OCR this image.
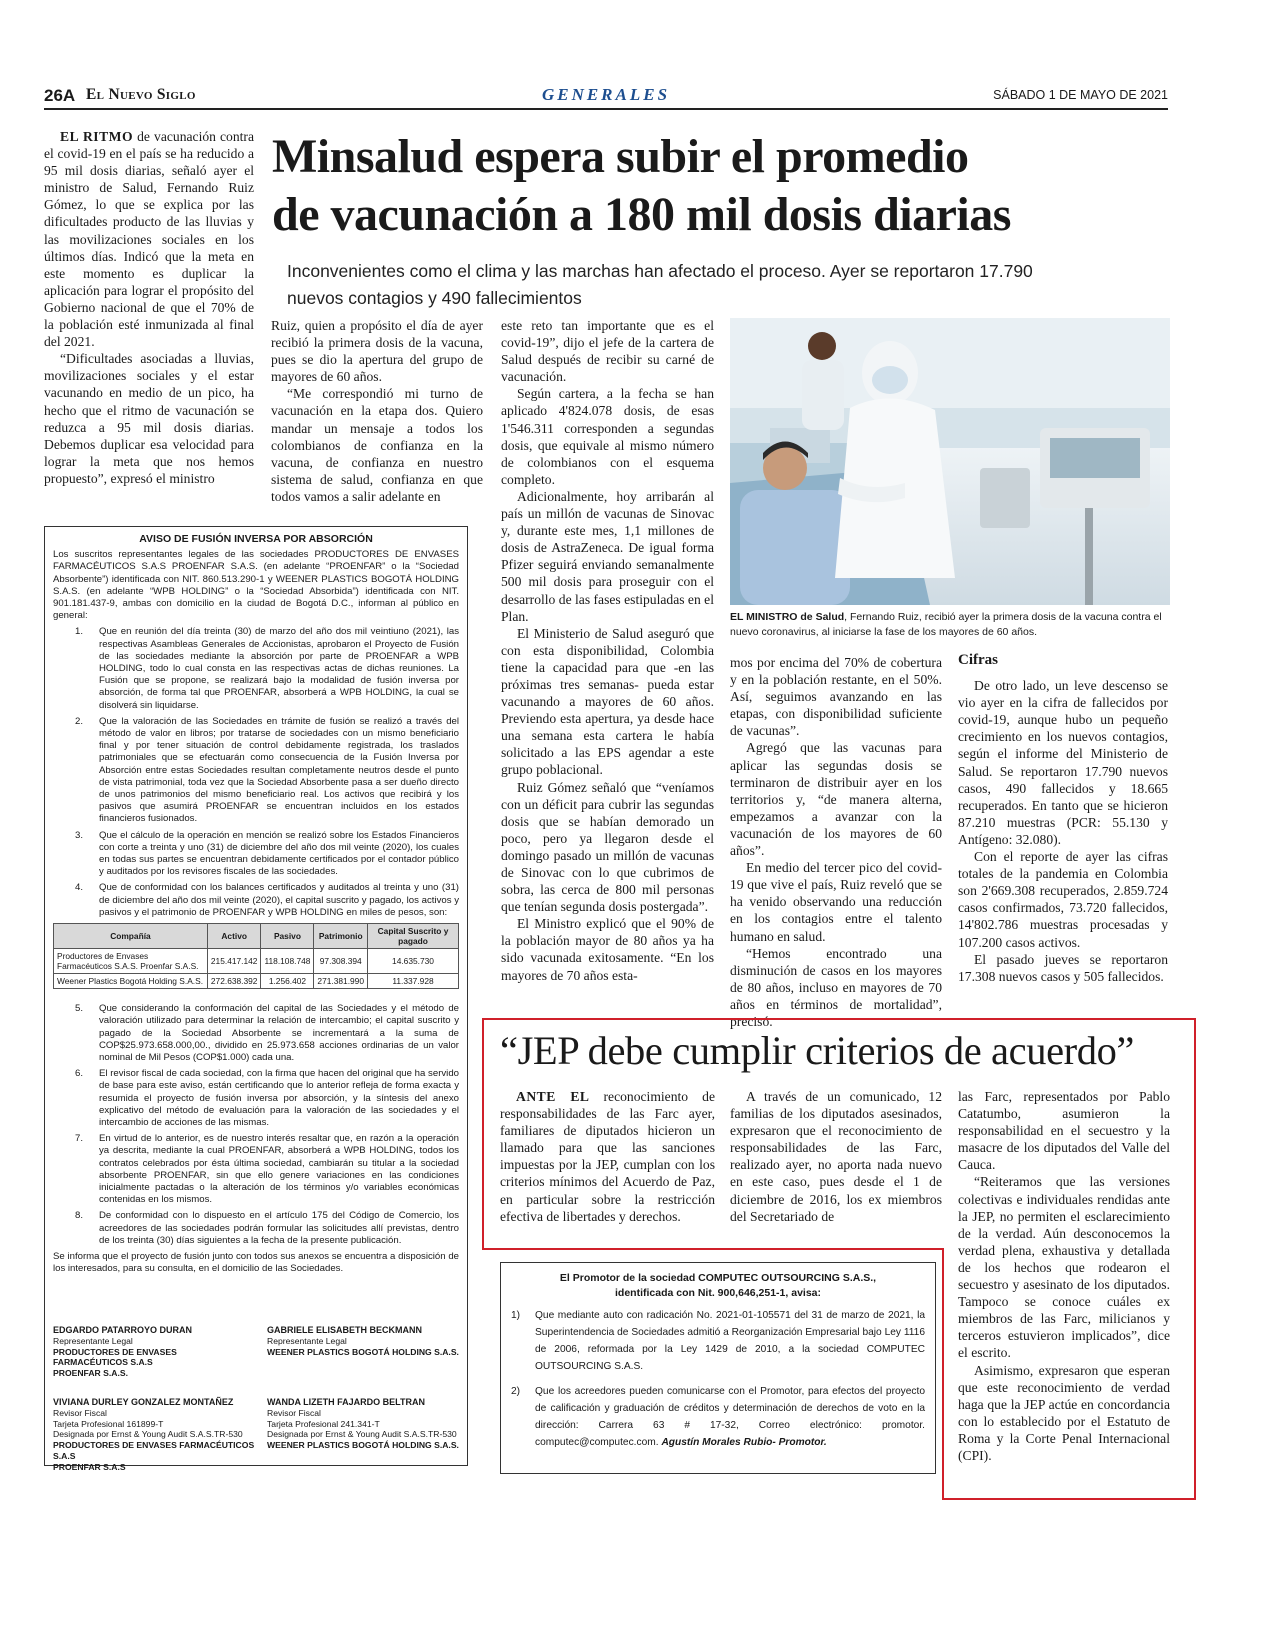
26A El Nuevo Siglo	GENERALES	SÁBADO 1 DE MAYO DE 2021
Minsalud espera subir el promedio
de vacunación a 180 mil dosis diarias
Inconvenientes como el clima y las marchas han afectado el proceso. Ayer se reportaron 17.790
nuevos contagios y 490 fallecimientos

EL RITMO de vacunación contra el covid-19 en el país se ha reducido a 95 mil dosis diarias, señaló ayer el ministro de Salud, Fernando Ruiz Gómez, lo que se explica por las dificultades producto de las lluvias y las movilizaciones sociales en los últimos días. Indicó que la meta en este momento es duplicar la aplicación para lograr el propósito del Gobierno nacional de que el 70% de la población esté inmunizada al final del 2021.

“Dificultades asociadas a lluvias, movilizaciones sociales y el estar vacunando en medio de un pico, ha hecho que el ritmo de vacunación se reduzca a 95 mil dosis diarias. Debemos duplicar esa velocidad para lograr la meta que nos hemos propuesto”, expresó el ministro

Ruiz, quien a propósito el día de ayer recibió la primera dosis de la vacuna, pues se dio la apertura del grupo de mayores de 60 años.

“Me correspondió mi turno de vacunación en la etapa dos. Quiero mandar un mensaje a todos los colombianos de confianza en la vacuna, de confianza en nuestro sistema de salud, confianza en que todos vamos a salir adelante en

este reto tan importante que es el covid-19”, dijo el jefe de la cartera de Salud después de recibir su carné de vacunación.

Según cartera, a la fecha se han aplicado 4'824.078 dosis, de esas 1'546.311 corresponden a segundas dosis, que equivale al mismo número de colombianos con el esquema completo.

Adicionalmente, hoy arribarán al país un millón de vacunas de Sinovac y, durante este mes, 1,1 millones de dosis de AstraZeneca. De igual forma Pfizer seguirá enviando semanalmente 500 mil dosis para proseguir con el desarrollo de las fases estipuladas en el Plan.

El Ministerio de Salud aseguró que con esta disponibilidad, Colombia tiene la capacidad para que -en las próximas tres semanas- pueda estar vacunando a mayores de 60 años. Previendo esta apertura, ya desde hace una semana esta cartera le había solicitado a las EPS agendar a este grupo poblacional.

Ruiz Gómez señaló que “veníamos con un déficit para cubrir las segundas dosis que se habían demorado un poco, pero ya llegaron desde el domingo pasado un millón de vacunas de Sinovac con lo que cubrimos de sobra, las cerca de 800 mil personas que tenían segunda dosis postergada”.

El Ministro explicó que el 90% de la población mayor de 80 años ya ha sido vacunada exitosamente. “En los mayores de 70 años esta-

EL MINISTRO de Salud, Fernando Ruiz, recibió ayer la primera dosis de la vacuna contra el nuevo coronavirus, al iniciarse la fase de los mayores de 60 años.

mos por encima del 70% de cobertura y en la población restante, en el 50%. Así, seguimos avanzando en las etapas, con disponibilidad suficiente de vacunas”.

Agregó que las vacunas para aplicar las segundas dosis se terminaron de distribuir ayer en los territorios y, “de manera alterna, empezamos a avanzar con la vacunación de los mayores de 60 años”.

En medio del tercer pico del covid-19 que vive el país, Ruiz reveló que se ha venido observando una reducción en los contagios entre el talento humano en salud.

“Hemos encontrado una disminución de casos en los mayores de 80 años, incluso en mayores de 70 años en términos de mortalidad”, precisó.

Cifras

De otro lado, un leve descenso se vio ayer en la cifra de fallecidos por covid-19, aunque hubo un pequeño crecimiento en los nuevos contagios, según el informe del Ministerio de Salud. Se reportaron 17.790 nuevos casos, 490 fallecidos y 18.665 recuperados. En tanto que se hicieron 87.210 muestras (PCR: 55.130 y Antígeno: 32.080).

Con el reporte de ayer las cifras totales de la pandemia en Colombia son 2'669.308 recuperados, 2.859.724 casos confirmados, 73.720 fallecidos, 14'802.786 muestras procesadas y 107.200 casos activos.

El pasado jueves se reportaron 17.308 nuevos casos y 505 fallecidos.

AVISO DE FUSIÓN INVERSA POR ABSORCIÓN

Los suscritos representantes legales de las sociedades PRODUCTORES DE ENVASES FARMACÉUTICOS S.A.S PROENFAR S.A.S. (en adelante “PROENFAR” o la “Sociedad Absorbente”) identificada con NIT. 860.513.290-1 y WEENER PLASTICS BOGOTÁ HOLDING S.A.S. (en adelante “WPB HOLDING” o la “Sociedad Absorbida”) identificada con NIT. 901.181.437-9, ambas con domicilio en la ciudad de Bogotá D.C., informan al público en general:

1. Que en reunión del día treinta (30) de marzo del año dos mil veintiuno (2021), las respectivas Asambleas Generales de Accionistas, aprobaron el Proyecto de Fusión de las sociedades mediante la absorción por parte de PROENFAR a WPB HOLDING, todo lo cual consta en las respectivas actas de dichas reuniones. La Fusión que se propone, se realizará bajo la modalidad de fusión inversa por absorción, de forma tal que PROENFAR, absorberá a WPB HOLDING, la cual se disolverá sin liquidarse.
2. Que la valoración de las Sociedades en trámite de fusión se realizó a través del método de valor en libros; por tratarse de sociedades con un mismo beneficiario final y por tener situación de control debidamente registrada, los traslados patrimoniales que se efectuarán como consecuencia de la Fusión Inversa por Absorción entre estas Sociedades resultan completamente neutros desde el punto de vista patrimonial, toda vez que la Sociedad Absorbente pasa a ser dueño directo de unos patrimonios del mismo beneficiario real. Los activos que recibirá y los pasivos que asumirá PROENFAR se encuentran incluidos en los estados financieros fusionados.
3. Que el cálculo de la operación en mención se realizó sobre los Estados Financieros con corte a treinta y uno (31) de diciembre del año dos mil veinte (2020), los cuales en todas sus partes se encuentran debidamente certificados por el contador público y auditados por los revisores fiscales de las sociedades.
4. Que de conformidad con los balances certificados y auditados al treinta y uno (31) de diciembre del año dos mil veinte (2020), el capital suscrito y pagado, los activos y pasivos y el patrimonio de PROENFAR y WPB HOLDING en miles de pesos, son:
Compañía	Activo	Pasivo	Patrimonio	Capital Suscrito y pagado
Productores de Envases Farmacéuticos S.A.S. Proenfar S.A.S.	215.417.142	118.108.748	97.308.394	14.635.730
Weener Plastics Bogotá Holding S.A.S.	272.638.392	1.256.402	271.381.990	11.337.928
5. Que considerando la conformación del capital de las Sociedades y el método de valoración utilizado para determinar la relación de intercambio; el capital suscrito y pagado de la Sociedad Absorbente se incrementará a la suma de COP$25.973.658.000,00., dividido en 25.973.658 acciones ordinarias de un valor nominal de Mil Pesos (COP$1.000) cada una.
6. El revisor fiscal de cada sociedad, con la firma que hacen del original que ha servido de base para este aviso, están certificando que lo anterior refleja de forma exacta y resumida el proyecto de fusión inversa por absorción, y la síntesis del anexo explicativo del método de evaluación para la valoración de las sociedades y el intercambio de acciones de las mismas.
7. En virtud de lo anterior, es de nuestro interés resaltar que, en razón a la operación ya descrita, mediante la cual PROENFAR, absorberá a WPB HOLDING, todos los contratos celebrados por ésta última sociedad, cambiarán su titular a la sociedad absorbente PROENFAR, sin que ello genere variaciones en las condiciones inicialmente pactadas o la alteración de los términos y/o variables económicas contenidas en los mismos.
8. De conformidad con lo dispuesto en el artículo 175 del Código de Comercio, los acreedores de las sociedades podrán formular las solicitudes allí previstas, dentro de los treinta (30) días siguientes a la fecha de la presente publicación.

Se informa que el proyecto de fusión junto con todos sus anexos se encuentra a disposición de los interesados, para su consulta, en el domicilio de las Sociedades.

EDGARDO PATARROYO DURAN
Representante Legal
PRODUCTORES DE ENVASES FARMACÉUTICOS S.A.S
PROENFAR S.A.S.
GABRIELE ELISABETH BECKMANN
Representante Legal
WEENER PLASTICS BOGOTÁ HOLDING S.A.S.
VIVIANA DURLEY GONZALEZ MONTAÑEZ
Revisor Fiscal
Tarjeta Profesional 161899-T
Designada por Ernst & Young Audit S.A.S.TR-530
PRODUCTORES DE ENVASES FARMACÉUTICOS S.A.S
PROENFAR S.A.S
WANDA LIZETH FAJARDO BELTRAN
Revisor Fiscal
Tarjeta Profesional 241.341-T
Designada por Ernst & Young Audit S.A.S.TR-530
WEENER PLASTICS BOGOTÁ HOLDING S.A.S.
“JEP debe cumplir criterios de acuerdo”

ANTE EL reconocimiento de responsabilidades de las Farc ayer, familiares de diputados hicieron un llamado para que las sanciones impuestas por la JEP, cumplan con los criterios mínimos del Acuerdo de Paz, en particular sobre la restricción efectiva de libertades y derechos.

A través de un comunicado, 12 familias de los diputados asesinados, expresaron que el reconocimiento de responsabilidades de las Farc, realizado ayer, no aporta nada nuevo en este caso, pues desde el 1 de diciembre de 2016, los ex miembros del Secretariado de

las Farc, representados por Pablo Catatumbo, asumieron la responsabilidad en el secuestro y la masacre de los diputados del Valle del Cauca.

“Reiteramos que las versiones colectivas e individuales rendidas ante la JEP, no permiten el esclarecimiento de la verdad. Aún desconocemos la verdad plena, exhaustiva y detallada de los hechos que rodearon el secuestro y asesinato de los diputados. Tampoco se conoce cuáles ex miembros de las Farc, milicianos y terceros estuvieron implicados”, dice el escrito.

Asimismo, expresaron que esperan que este reconocimiento de verdad haga que la JEP actúe en concordancia con lo establecido por el Estatuto de Roma y la Corte Penal Internacional (CPI).

El Promotor de la sociedad COMPUTEC OUTSOURCING S.A.S.,
identificada con Nit. 900,646,251-1, avisa:
1) Que mediante auto con radicación No. 2021-01-105571 del 31 de marzo de 2021, la Superintendencia de Sociedades admitió a Reorganización Empresarial bajo Ley 1116 de 2006, reformada por la Ley 1429 de 2010, a la sociedad COMPUTEC OUTSOURCING S.A.S.
2) Que los acreedores pueden comunicarse con el Promotor, para efectos del proyecto de calificación y graduación de créditos y determinación de derechos de voto en la dirección: Carrera 63 # 17-32, Correo electrónico: promotor. computec@computec.com. Agustín Morales Rubio- Promotor.
